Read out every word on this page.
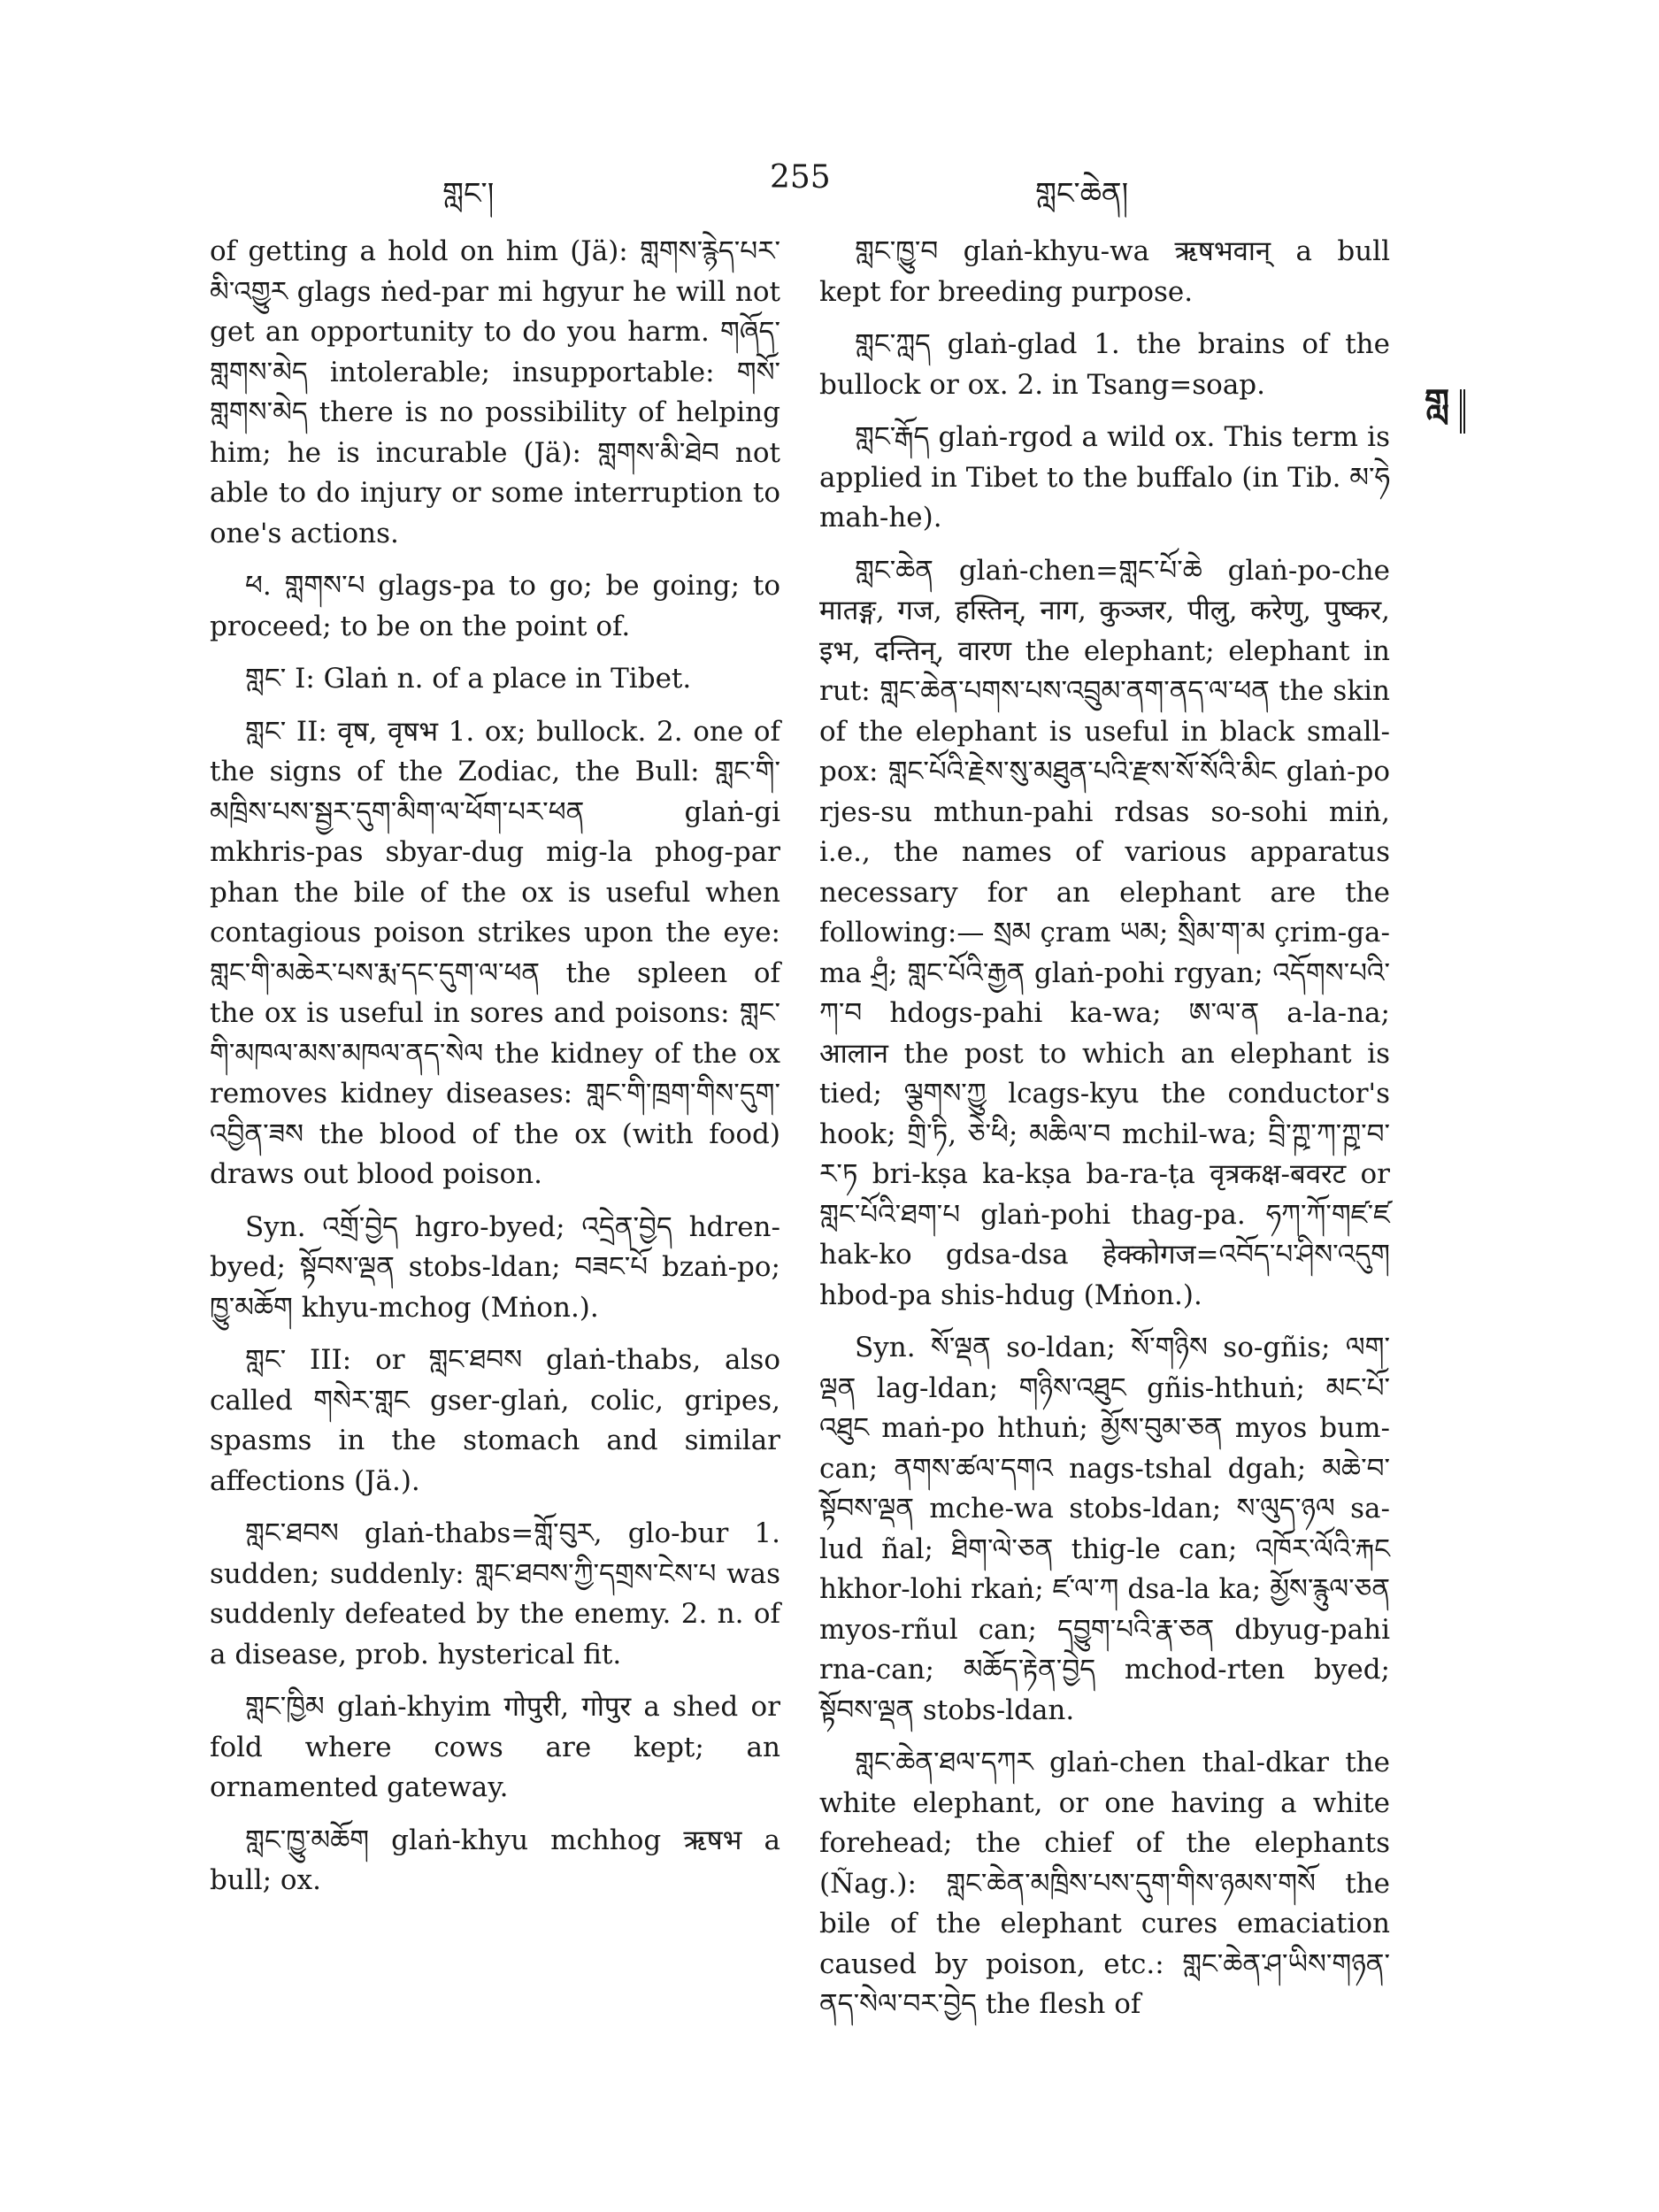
གླང་།	255	གླང་ཆེན།
གླ

of getting a hold on him (Jä): གླགས་རྙེད་པར་མི་འགྱུར glags ṅed-par mi hgyur he will not get an opportunity to do you harm. གཞོད་གླགས་མེད intolerable; insupportable: གསོ་གླགས་མེད there is no possibility of helping him; he is incurable (Jä): གླགས་མི་ཐེབ not able to do injury or some interruption to one's actions.

ཕ. གླགས་པ glags-pa to go; be going; to proceed; to be on the point of.

གླང་ I: Glaṅ n. of a place in Tibet.

གླང་ II: वृष, वृषभ 1. ox; bullock. 2. one of the signs of the Zodiac, the Bull: གླང་གི་མཁྲིས་པས་སྦྱར་དུག་མིག་ལ་ཕོག་པར་ཕན glaṅ-gi mkhris-pas sbyar-dug mig-la phog-par phan the bile of the ox is useful when contagious poison strikes upon the eye: གླང་གི་མཆེར་པས་རྨ་དང་དུག་ལ་ཕན the spleen of the ox is useful in sores and poisons: གླང་གི་མཁལ་མས་མཁལ་ནད་སེལ the kidney of the ox removes kidney diseases: གླང་གི་ཁྲག་གིས་དུག་འབྱིན་ཟས the blood of the ox (with food) draws out blood poison.

Syn. འགྲོ་བྱེད hgro-byed; འདྲེན་བྱེད hdren-byed; སྟོབས་ལྡན stobs-ldan; བཟང་པོ bzaṅ-po; ཁྱུ་མཆོག khyu-mchog (Mṅon.).

གླང་ III: or གླང་ཐབས glaṅ-thabs, also called གསེར་གླང gser-glaṅ, colic, gripes, spasms in the stomach and similar affections (Jä.).

གླང་ཐབས glaṅ-thabs=གློ་བུར, glo-bur 1. sudden; suddenly: གླང་ཐབས་ཀྱི་དགྲས་ངེས་པ was suddenly defeated by the enemy. 2. n. of a disease, prob. hysterical fit.

གླང་ཁྱིམ glaṅ-khyim गोपुरी, गोपुर a shed or fold where cows are kept; an ornamented gateway.

གླང་ཁྱུ་མཆོག glaṅ-khyu mchhog ऋषभ a bull; ox.

གླང་ཁྱུ་བ glaṅ-khyu-wa ऋषभवान् a bull kept for breeding purpose.

གླང་ཀླད glaṅ-glad 1. the brains of the bullock or ox. 2. in Tsang=soap.

གླང་རྒོད glaṅ-rgod a wild ox. This term is applied in Tibet to the buffalo (in Tib. མ་ཧེ mah-he).

གླང་ཆེན glaṅ-chen=གླང་པོ་ཆེ glaṅ-po-che मातङ्ग, गज, हस्तिन्, नाग, कुञ्जर, पीलु, करेणु, पुष्कर, इभ, दन्तिन्, वारण the elephant; elephant in rut: གླང་ཆེན་པགས་པས་འབྲུམ་ནག་ནད་ལ་ཕན the skin of the elephant is useful in black small-pox: གླང་པོའི་རྗེས་སུ་མཐུན་པའི་རྫས་སོ་སོའི་མིང glaṅ-po rjes-su mthun-pahi rdsas so-sohi miṅ, i.e., the names of various apparatus necessary for an elephant are the following:— སྲམ çram ཡམ; སྲིམ་ག་མ çrim-ga-ma ཤྲཾ; གླང་པོའི་རྒྱན glaṅ-pohi rgyan; འདོགས་པའི་ཀ་བ hdogs-pahi ka-wa; ཨ་ལ་ན a-la-na; आलान the post to which an elephant is tied; ལྕགས་ཀྱུ lcags-kyu the conductor's hook; གྲི་ཏི, ཅེ་ཕི; མཆིལ་བ mchil-wa; བྲི་ཀྵ་ཀ་ཀྵ་བ་ར་ཏ bri-kṣa ka-kṣa ba-ra-ṭa वृत्रकक्ष-बवरट or གླང་པོའི་ཐག་པ glaṅ-pohi thag-pa. ཧཀ་ཀོ་གཛ་ཛ hak-ko gdsa-dsa हेक्कोगज=འབོད་པ་ཤིས་འདུག hbod-pa shis-hdug (Mṅon.).

Syn. སོ་ལྡན so-ldan; སོ་གཉིས so-gñis; ལག་ལྡན lag-ldan; གཉིས་འཐུང gñis-hthuṅ; མང་པོ་འཐུང maṅ-po hthuṅ; མྱོས་བུམ་ཅན myos bum-can; ནགས་ཚལ་དགའ nags-tshal dgah; མཆེ་བ་སྟོབས་ལྡན mche-wa stobs-ldan; ས་ལུད་ཉལ sa-lud ñal; ཐིག་ལེ་ཅན thig-le can; འཁོར་ལོའི་རྐང hkhor-lohi rkaṅ; ཛ་ལ་ཀ dsa-la ka; མྱོས་རྙུལ་ཅན myos-rñul can; དབྱུག་པའི་རྣ་ཅན dbyug-pahi rna-can; མཆོད་རྟེན་བྱེད mchod-rten byed; སྟོབས་ལྡན stobs-ldan.

གླང་ཆེན་ཐལ་དཀར glaṅ-chen thal-dkar the white elephant, or one having a white forehead; the chief of the elephants (Ñag.): གླང་ཆེན་མཁྲིས་པས་དུག་གིས་ཉམས་གསོ the bile of the elephant cures emaciation caused by poison, etc.: གླང་ཆེན་ཤ་ཡིས་གཉན་ནད་སེལ་བར་བྱེད the flesh of
